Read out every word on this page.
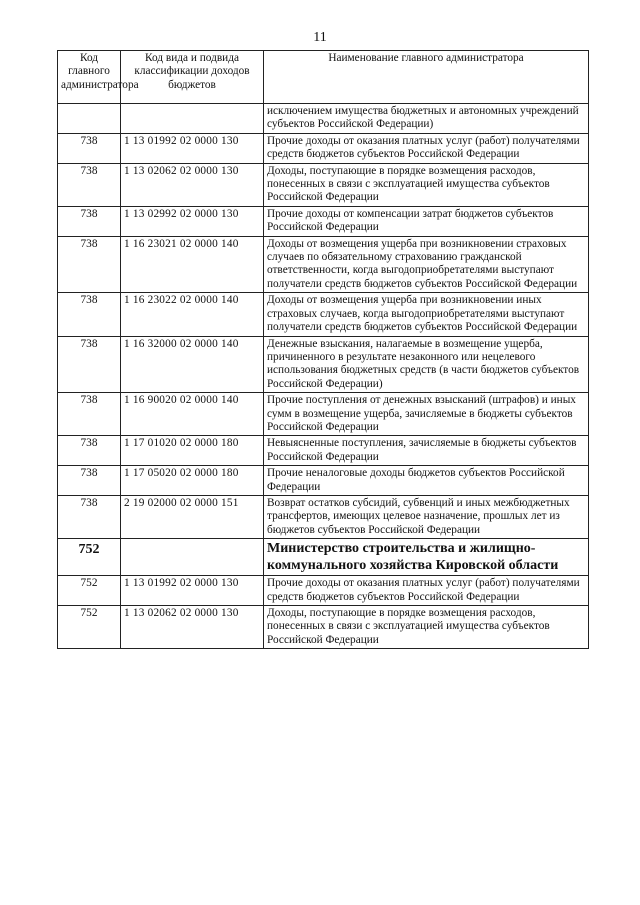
11
Код главного администратора	Код вида и подвида классификации доходов бюджетов	Наименование главного администратора
		исключением имущества бюджетных и автономных учреждений субъектов Российской Федерации)
738	1 13 01992 02 0000 130	Прочие доходы от оказания платных услуг (работ) получателями средств бюджетов субъектов Российской Федерации
738	1 13 02062 02 0000 130	Доходы, поступающие в порядке возмещения расходов, понесенных в связи с эксплуатацией имущества субъектов Российской Федерации
738	1 13 02992 02 0000 130	Прочие доходы от компенсации затрат бюджетов субъектов Российской Федерации
738	1 16 23021 02 0000 140	Доходы от возмещения ущерба при возникновении страховых случаев по обязательному страхованию гражданской ответственности, когда выгодоприобретателями выступают получатели средств бюджетов субъектов Российской Федерации
738	1 16 23022 02 0000 140	Доходы от возмещения ущерба при возникновении иных страховых случаев, когда выгодоприобретателями выступают получатели средств бюджетов субъектов Российской Федерации
738	1 16 32000 02 0000 140	Денежные взыскания, налагаемые в возмещение ущерба, причиненного в результате незаконного или нецелевого использования бюджетных средств (в части бюджетов субъектов Российской Федерации)
738	1 16 90020 02 0000 140	Прочие поступления от денежных взысканий (штрафов) и иных сумм в возмещение ущерба, зачисляемые в бюджеты субъектов Российской Федерации
738	1 17 01020 02 0000 180	Невыясненные поступления, зачисляемые в бюджеты субъектов Российской Федерации
738	1 17 05020 02 0000 180	Прочие неналоговые доходы бюджетов субъектов Российской Федерации
738	2 19 02000 02 0000 151	Возврат остатков субсидий, субвенций и иных межбюджетных трансфертов, имеющих целевое назначение, прошлых лет из бюджетов субъектов Российской Федерации
752		Министерство строительства и жилищно-коммунального хозяйства Кировской области
752	1 13 01992 02 0000 130	Прочие доходы от оказания платных услуг (работ) получателями средств бюджетов субъектов Российской Федерации
752	1 13 02062 02 0000 130	Доходы, поступающие в порядке возмещения расходов, понесенных в связи с эксплуатацией имущества субъектов Российской Федерации
